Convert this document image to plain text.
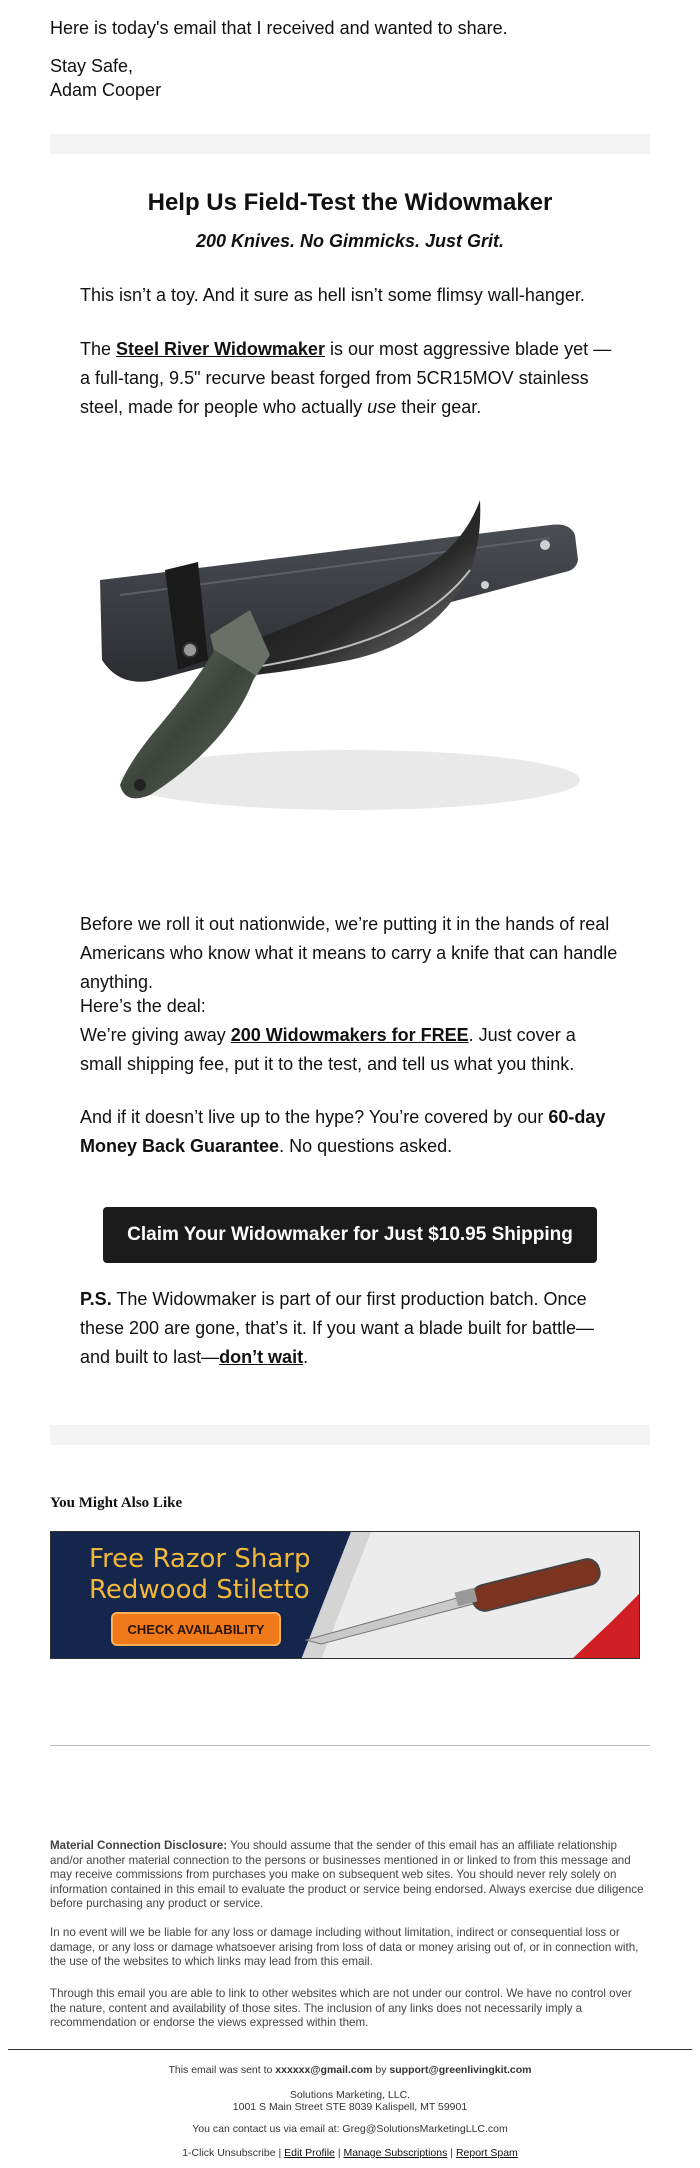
Here is today's email that I received and wanted to share.

Stay Safe,
Adam Cooper
Help Us Field-Test the Widowmaker
200 Knives. No Gimmicks. Just Grit.

This isn’t a toy. And it sure as hell isn’t some flimsy wall-hanger.

The Steel River Widowmaker is our most aggressive blade yet —a full-tang, 9.5" recurve beast forged from 5CR15MOV stainless steel, made for people who actually use their gear.

Before we roll it out nationwide, we’re putting it in the hands of real Americans who know what it means to carry a knife that can handle anything.

Here’s the deal:
We’re giving away 200 Widowmakers for FREE. Just cover a small shipping fee, put it to the test, and tell us what you think.

And if it doesn’t live up to the hype? You’re covered by our 60-day Money Back Guarantee. No questions asked.

Claim Your Widowmaker for Just $10.95 Shipping

P.S. The Widowmaker is part of our first production batch. Once these 200 are gone, that’s it. If you want a blade built for battle—and built to last—don’t wait.

You Might Also Like
Free Razor Sharp
Redwood Stiletto
CHECK AVAILABILITY

Material Connection Disclosure: You should assume that the sender of this email has an affiliate relationship and/or another material connection to the persons or businesses mentioned in or linked to from this message and may receive commissions from purchases you make on subsequent web sites. You should never rely solely on information contained in this email to evaluate the product or service being endorsed. Always exercise due diligence before purchasing any product or service.

In no event will we be liable for any loss or damage including without limitation, indirect or consequential loss or damage, or any loss or damage whatsoever arising from loss of data or money arising out of, or in connection with, the use of the websites to which links may lead from this email.

Through this email you are able to link to other websites which are not under our control. We have no control over the nature, content and availability of those sites. The inclusion of any links does not necessarily imply a recommendation or endorse the views expressed within them.

This email was sent to xxxxxx@gmail.com by support@greenlivingkit.com
Solutions Marketing, LLC.
1001 S Main Street STE 8039 Kalispell, MT 59901
You can contact us via email at: Greg@SolutionsMarketingLLC.com
1-Click Unsubscribe | Edit Profile | Manage Subscriptions | Report Spam
